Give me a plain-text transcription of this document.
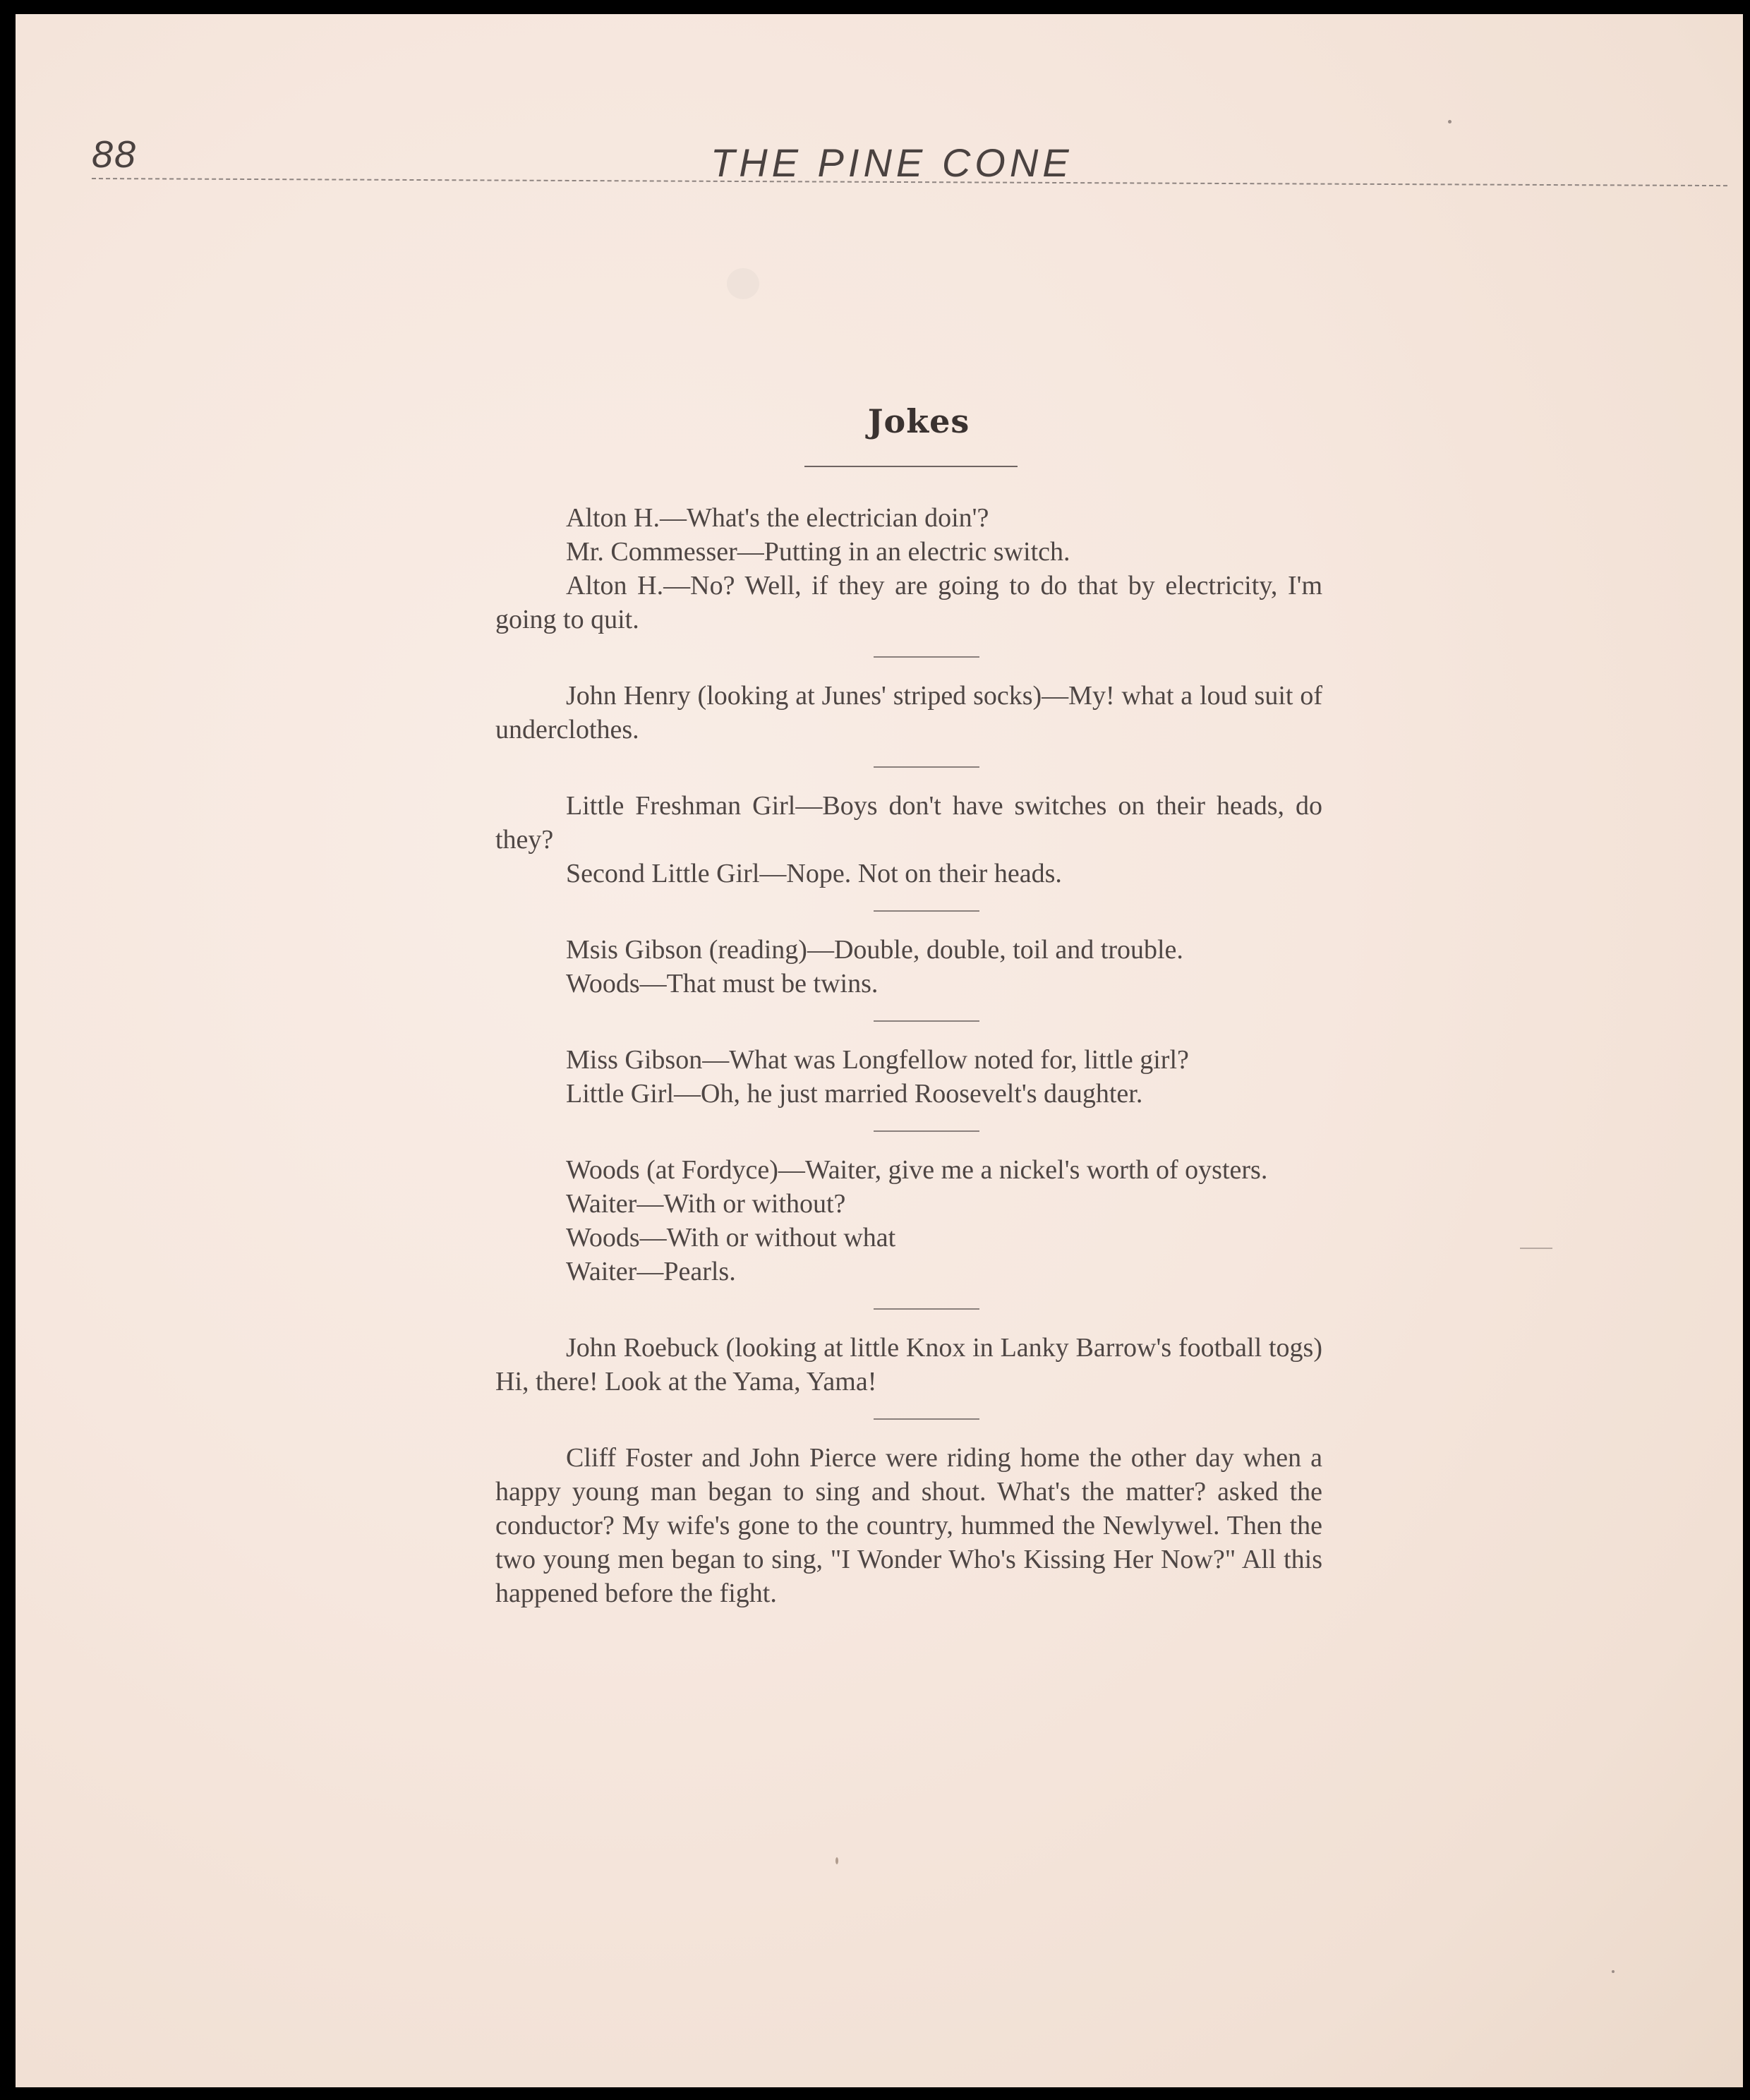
88	THE PINE CONE
Jokes

Alton H.—What's the electrician doin'?

Mr. Commesser—Putting in an electric switch.

Alton H.—No? Well, if they are going to do that by electricity, I'm going to quit.

John Henry (looking at Junes' striped socks)—My! what a loud suit of underclothes.

Little Freshman Girl—Boys don't have switches on their heads, do they?

Second Little Girl—Nope. Not on their heads.

Msis Gibson (reading)—Double, double, toil and trouble.

Woods—That must be twins.

Miss Gibson—What was Longfellow noted for, little girl?

Little Girl—Oh, he just married Roosevelt's daughter.

Woods (at Fordyce)—Waiter, give me a nickel's worth of oysters.

Waiter—With or without?

Woods—With or without what

Waiter—Pearls.

John Roebuck (looking at little Knox in Lanky Barrow's football togs) Hi, there! Look at the Yama, Yama!

Cliff Foster and John Pierce were riding home the other day when a happy young man began to sing and shout. What's the matter? asked the conductor? My wife's gone to the country, hummed the Newlywel. Then the two young men began to sing, "I Wonder Who's Kissing Her Now?" All this happened before the fight.
